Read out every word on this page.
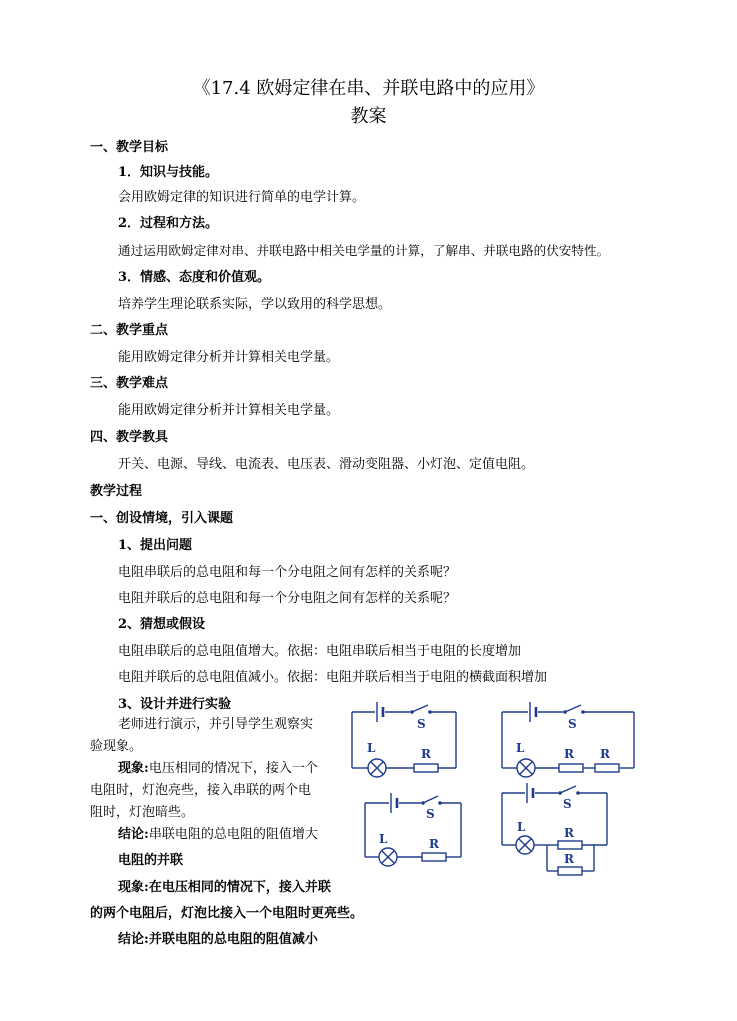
《17.4 欧姆定律在串、并联电路中的应用》
教案
一、教学目标
1．知识与技能。
会用欧姆定律的知识进行简单的电学计算。
2．过程和方法。
通过运用欧姆定律对串、并联电路中相关电学量的计算，了解串、并联电路的伏安特性。
3．情感、态度和价值观。
培养学生理论联系实际，学以致用的科学思想。
二、教学重点
能用欧姆定律分析并计算相关电学量。
三、教学难点
能用欧姆定律分析并计算相关电学量。
四、教学教具
开关、电源、导线、电流表、电压表、滑动变阻器、小灯泡、定值电阻。
教学过程
一、创设情境，引入课题
1、提出问题
电阻串联后的总电阻和每一个分电阻之间有怎样的关系呢？
电阻并联后的总电阻和每一个分电阻之间有怎样的关系呢？
2、猜想或假设
电阻串联后的总电阻值增大。依据：电阻串联后相当于电阻的长度增加
电阻并联后的总电阻值减小。依据：电阻并联后相当于电阻的横截面积增加
3、设计并进行实验
老师进行演示，并引导学生观察实
验现象。
现象:电压相同的情况下，接入一个
电阻时，灯泡亮些，接入串联的两个电
阻时，灯泡暗些。
结论:串联电阻的总电阻的阻值增大
电阻的并联
现象:在电压相同的情况下，接入并联
的两个电阻后，灯泡比接入一个电阻时更亮些。
结论:并联电阻的总电阻的阻值减小
S
L	R
S
L	R R
S
L	R
S
L	R
R
